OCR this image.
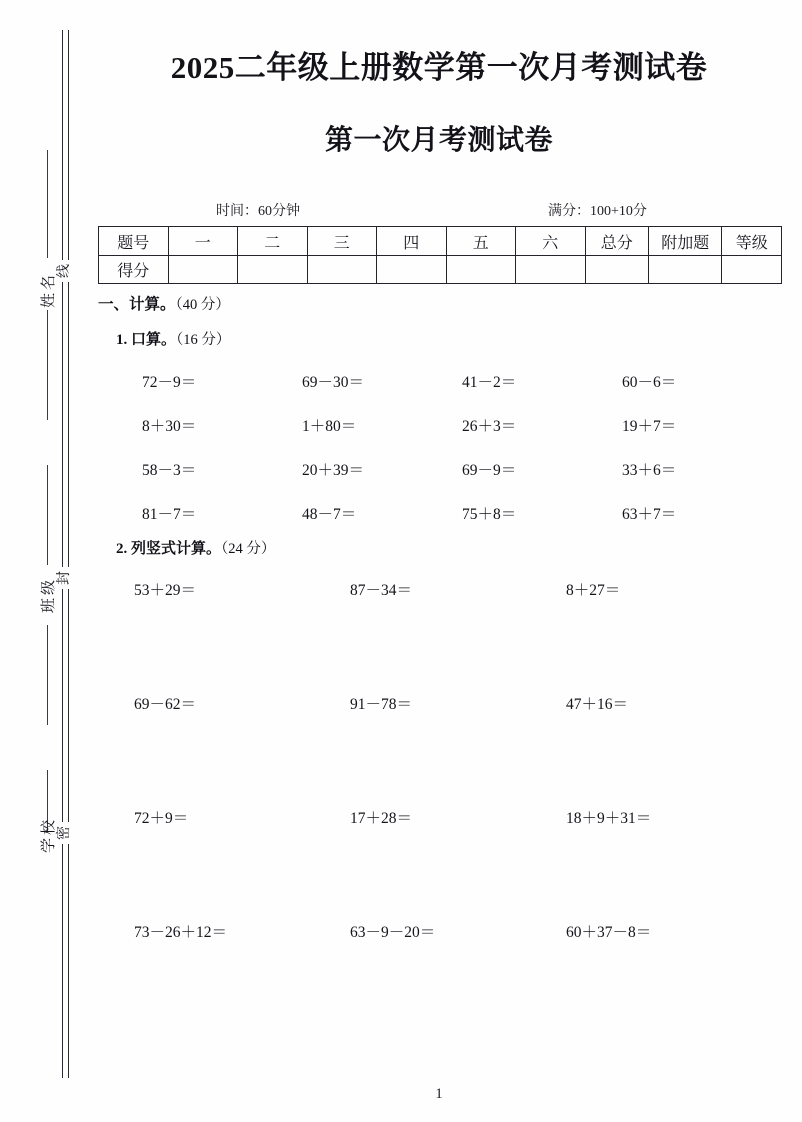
线
封
密
姓名
班级
学校
2025二年级上册数学第一次月考测试卷
第一次月考测试卷
时间：60分钟	满分：100+10分
题号	一	二	三	四	五	六	总分	附加题	等级
得分									
一、计算。（40 分）
1. 口算。（16 分）
72－9＝	69－30＝	41－2＝	60－6＝
8＋30＝	1＋80＝	26＋3＝	19＋7＝
58－3＝	20＋39＝	69－9＝	33＋6＝
81－7＝	48－7＝	75＋8＝	63＋7＝
2. 列竖式计算。（24 分）
53＋29＝	87－34＝	8＋27＝
69－62＝	91－78＝	47＋16＝
72＋9＝	17＋28＝	18＋9＋31＝
73－26＋12＝	63－9－20＝	60＋37－8＝
1
